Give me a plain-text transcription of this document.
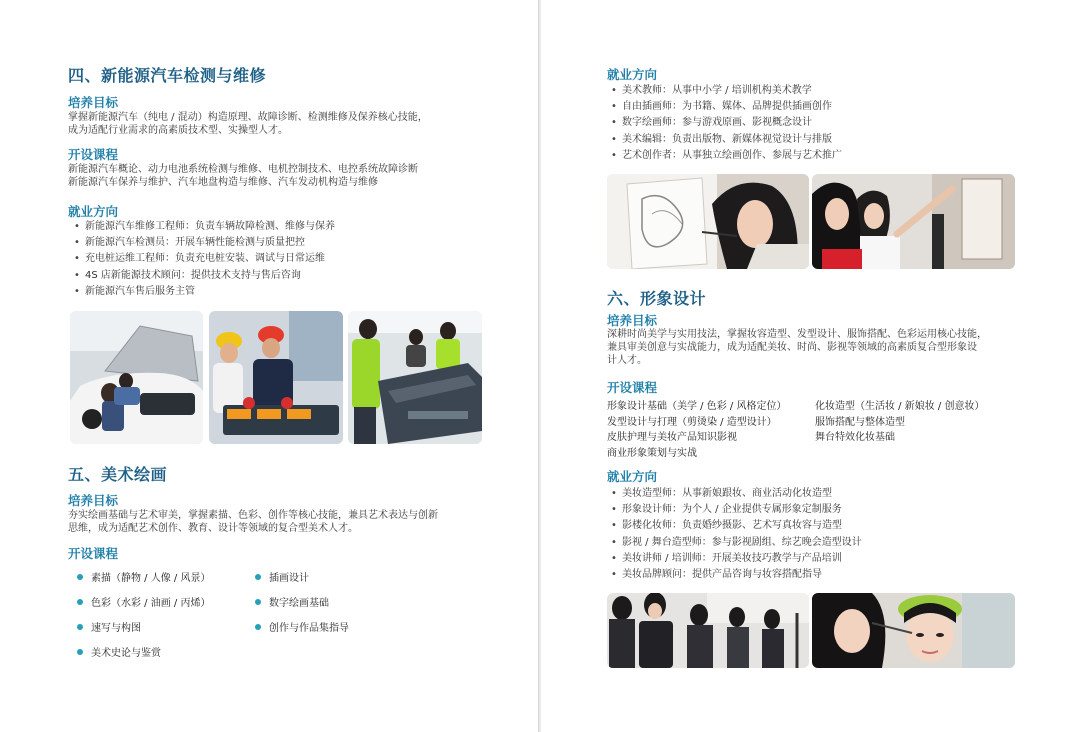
四、新能源汽车检测与维修
培养目标
掌握新能源汽车（纯电 / 混动）构造原理、故障诊断、检测维修及保养核心技能，
成为适配行业需求的高素质技术型、实操型人才。
开设课程
新能源汽车概论、动力电池系统检测与维修、电机控制技术、电控系统故障诊断
新能源汽车保养与维护、汽车地盘构造与维修、汽车发动机构造与维修
就业方向
• 新能源汽车维修工程师：负责车辆故障检测、维修与保养
• 新能源汽车检测员：开展车辆性能检测与质量把控
• 充电桩运维工程师：负责充电桩安装、调试与日常运维
• 4S 店新能源技术顾问：提供技术支持与售后咨询
• 新能源汽车售后服务主管
五、美术绘画
培养目标
夯实绘画基础与艺术审美，掌握素描、色彩、创作等核心技能，兼具艺术表达与创新
思维，成为适配艺术创作、教育、设计等领域的复合型美术人才。
开设课程
素描（静物 / 人像 / 风景）	插画设计
色彩（水彩 / 油画 / 丙烯）	数字绘画基础
速写与构图	创作与作品集指导
美术史论与鉴赏
就业方向
• 美术教师：从事中小学 / 培训机构美术教学
• 自由插画师：为书籍、媒体、品牌提供插画创作
• 数字绘画师：参与游戏原画、影视概念设计
• 美术编辑：负责出版物、新媒体视觉设计与排版
• 艺术创作者：从事独立绘画创作、参展与艺术推广
六、形象设计
培养目标
深耕时尚美学与实用技法，掌握妆容造型、发型设计、服饰搭配、色彩运用核心技能，
兼具审美创意与实战能力，成为适配美妆、时尚、影视等领域的高素质复合型形象设
计人才。
开设课程
形象设计基础（美学 / 色彩 / 风格定位）	化妆造型（生活妆 / 新娘妆 / 创意妆）
发型设计与打理（剪烫染 / 造型设计）	服饰搭配与整体造型
皮肤护理与美妆产品知识影视	舞台特效化妆基础
商业形象策划与实战
就业方向
• 美妆造型师：从事新娘跟妆、商业活动化妆造型
• 形象设计师：为个人 / 企业提供专属形象定制服务
• 影楼化妆师：负责婚纱摄影、艺术写真妆容与造型
• 影视 / 舞台造型师：参与影视剧组、综艺晚会造型设计
• 美妆讲师 / 培训师：开展美妆技巧教学与产品培训
• 美妆品牌顾问：提供产品咨询与妆容搭配指导
